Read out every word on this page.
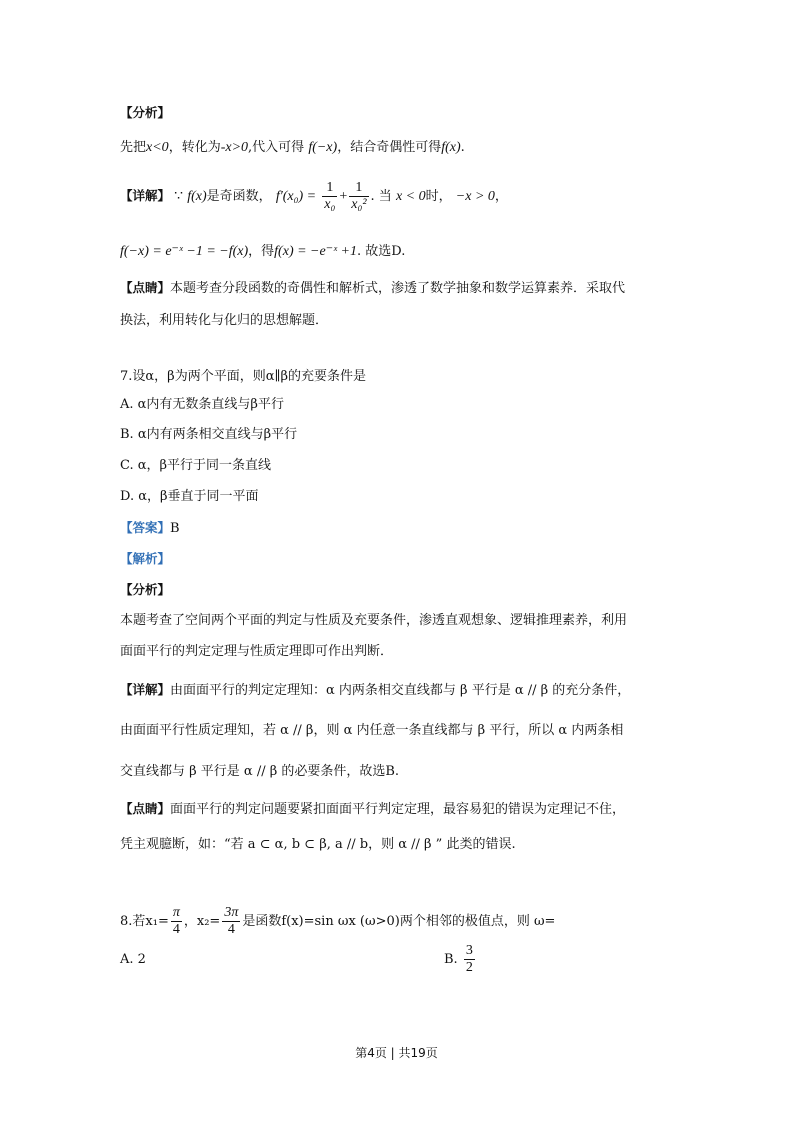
【分析】
先把x<0，转化为-x>0,代入可得 f(−x)，结合奇偶性可得f(x).
【详解】 ∵ f(x)是奇函数， $f'(x_0) = \frac{1}{\text{x₀}} + \frac{1}{\text{x₀²}}$ . 当 x < 0时， −x > 0，
f(−x) = e⁻ˣ −1 = −f(x)，得f(x) = −e⁻ˣ +1. 故选D.
【点睛】本题考查分段函数的奇偶性和解析式，渗透了数学抽象和数学运算素养．采取代
换法，利用转化与化归的思想解题．
7.设α，β为两个平面，则α∥β的充要条件是
A. α内有无数条直线与β平行
B. α内有两条相交直线与β平行
C. α，β平行于同一条直线
D. α，β垂直于同一平面
【答案】B
【解析】
【分析】
本题考查了空间两个平面的判定与性质及充要条件，渗透直观想象、逻辑推理素养，利用
面面平行的判定定理与性质定理即可作出判断．
【详解】由面面平行的判定定理知：α 内两条相交直线都与 β 平行是 α // β 的充分条件，
由面面平行性质定理知，若 α // β，则 α 内任意一条直线都与 β 平行，所以 α 内两条相
交直线都与 β 平行是 α // β 的必要条件，故选B.
【点睛】面面平行的判定问题要紧扣面面平行判定定理，最容易犯的错误为定理记不住，
凭主观臆断，如：“若 a ⊂ α, b ⊂ β, a // b，则 α // β ” 此类的错误.
8.若$x_1= \frac{\pi}{4}$ ，$x_2= \frac{3\pi}{4}$ 是函数f(x)=sin ωx (ω>0)两个相邻的极值点，则 ω=
A. 2	B. $\frac{3}{2}$
第4页 | 共19页
